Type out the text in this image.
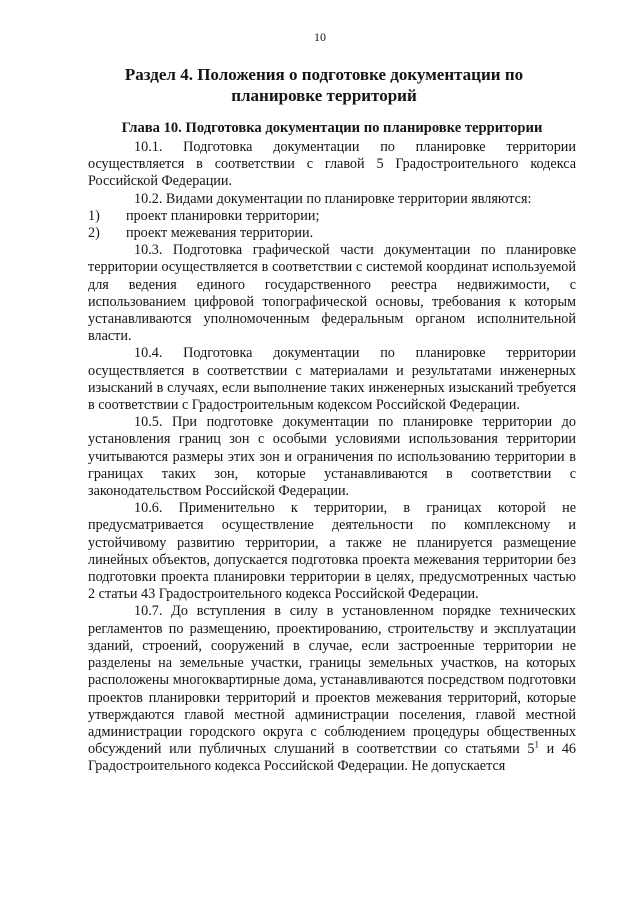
10
Раздел 4. Положения о подготовке документации по планировке территорий
Глава 10. Подготовка документации по планировке территории

10.1. Подготовка документации по планировке территории осуществляется в соответствии с главой 5 Градостроительного кодекса Российской Федерации.

10.2. Видами документации по планировке территории являются:

1)	проект планировки территории;
2)	проект межевания территории.

10.3. Подготовка графической части документации по планировке территории осуществляется в соответствии с системой координат используемой для ведения единого государственного реестра недвижимости, с использованием цифровой топографической основы, требования к которым устанавливаются уполномоченным федеральным органом исполнительной власти.

10.4. Подготовка документации по планировке территории осуществляется в соответствии с материалами и результатами инженерных изысканий в случаях, если выполнение таких инженерных изысканий требуется в соответствии с Градостроительным кодексом Российской Федерации.

10.5. При подготовке документации по планировке территории до установления границ зон с особыми условиями использования территории учитываются размеры этих зон и ограничения по использованию территории в границах таких зон, которые устанавливаются в соответствии с законодательством Российской Федерации.

10.6. Применительно к территории, в границах которой не предусматривается осуществление деятельности по комплексному и устойчивому развитию территории, а также не планируется размещение линейных объектов, допускается подготовка проекта межевания территории без подготовки проекта планировки территории в целях, предусмотренных частью 2 статьи 43 Градостроительного кодекса Российской Федерации.

10.7. До вступления в силу в установленном порядке технических регламентов по размещению, проектированию, строительству и эксплуатации зданий, строений, сооружений в случае, если застроенные территории не разделены на земельные участки, границы земельных участков, на которых расположены многоквартирные дома, устанавливаются посредством подготовки проектов планировки территорий и проектов межевания территорий, которые утверждаются главой местной администрации поселения, главой местной администрации городского округа с соблюдением процедуры общественных обсуждений или публичных слушаний в соответствии со статьями $5^1$ и 46 Градостроительного кодекса Российской Федерации. Не допускается
